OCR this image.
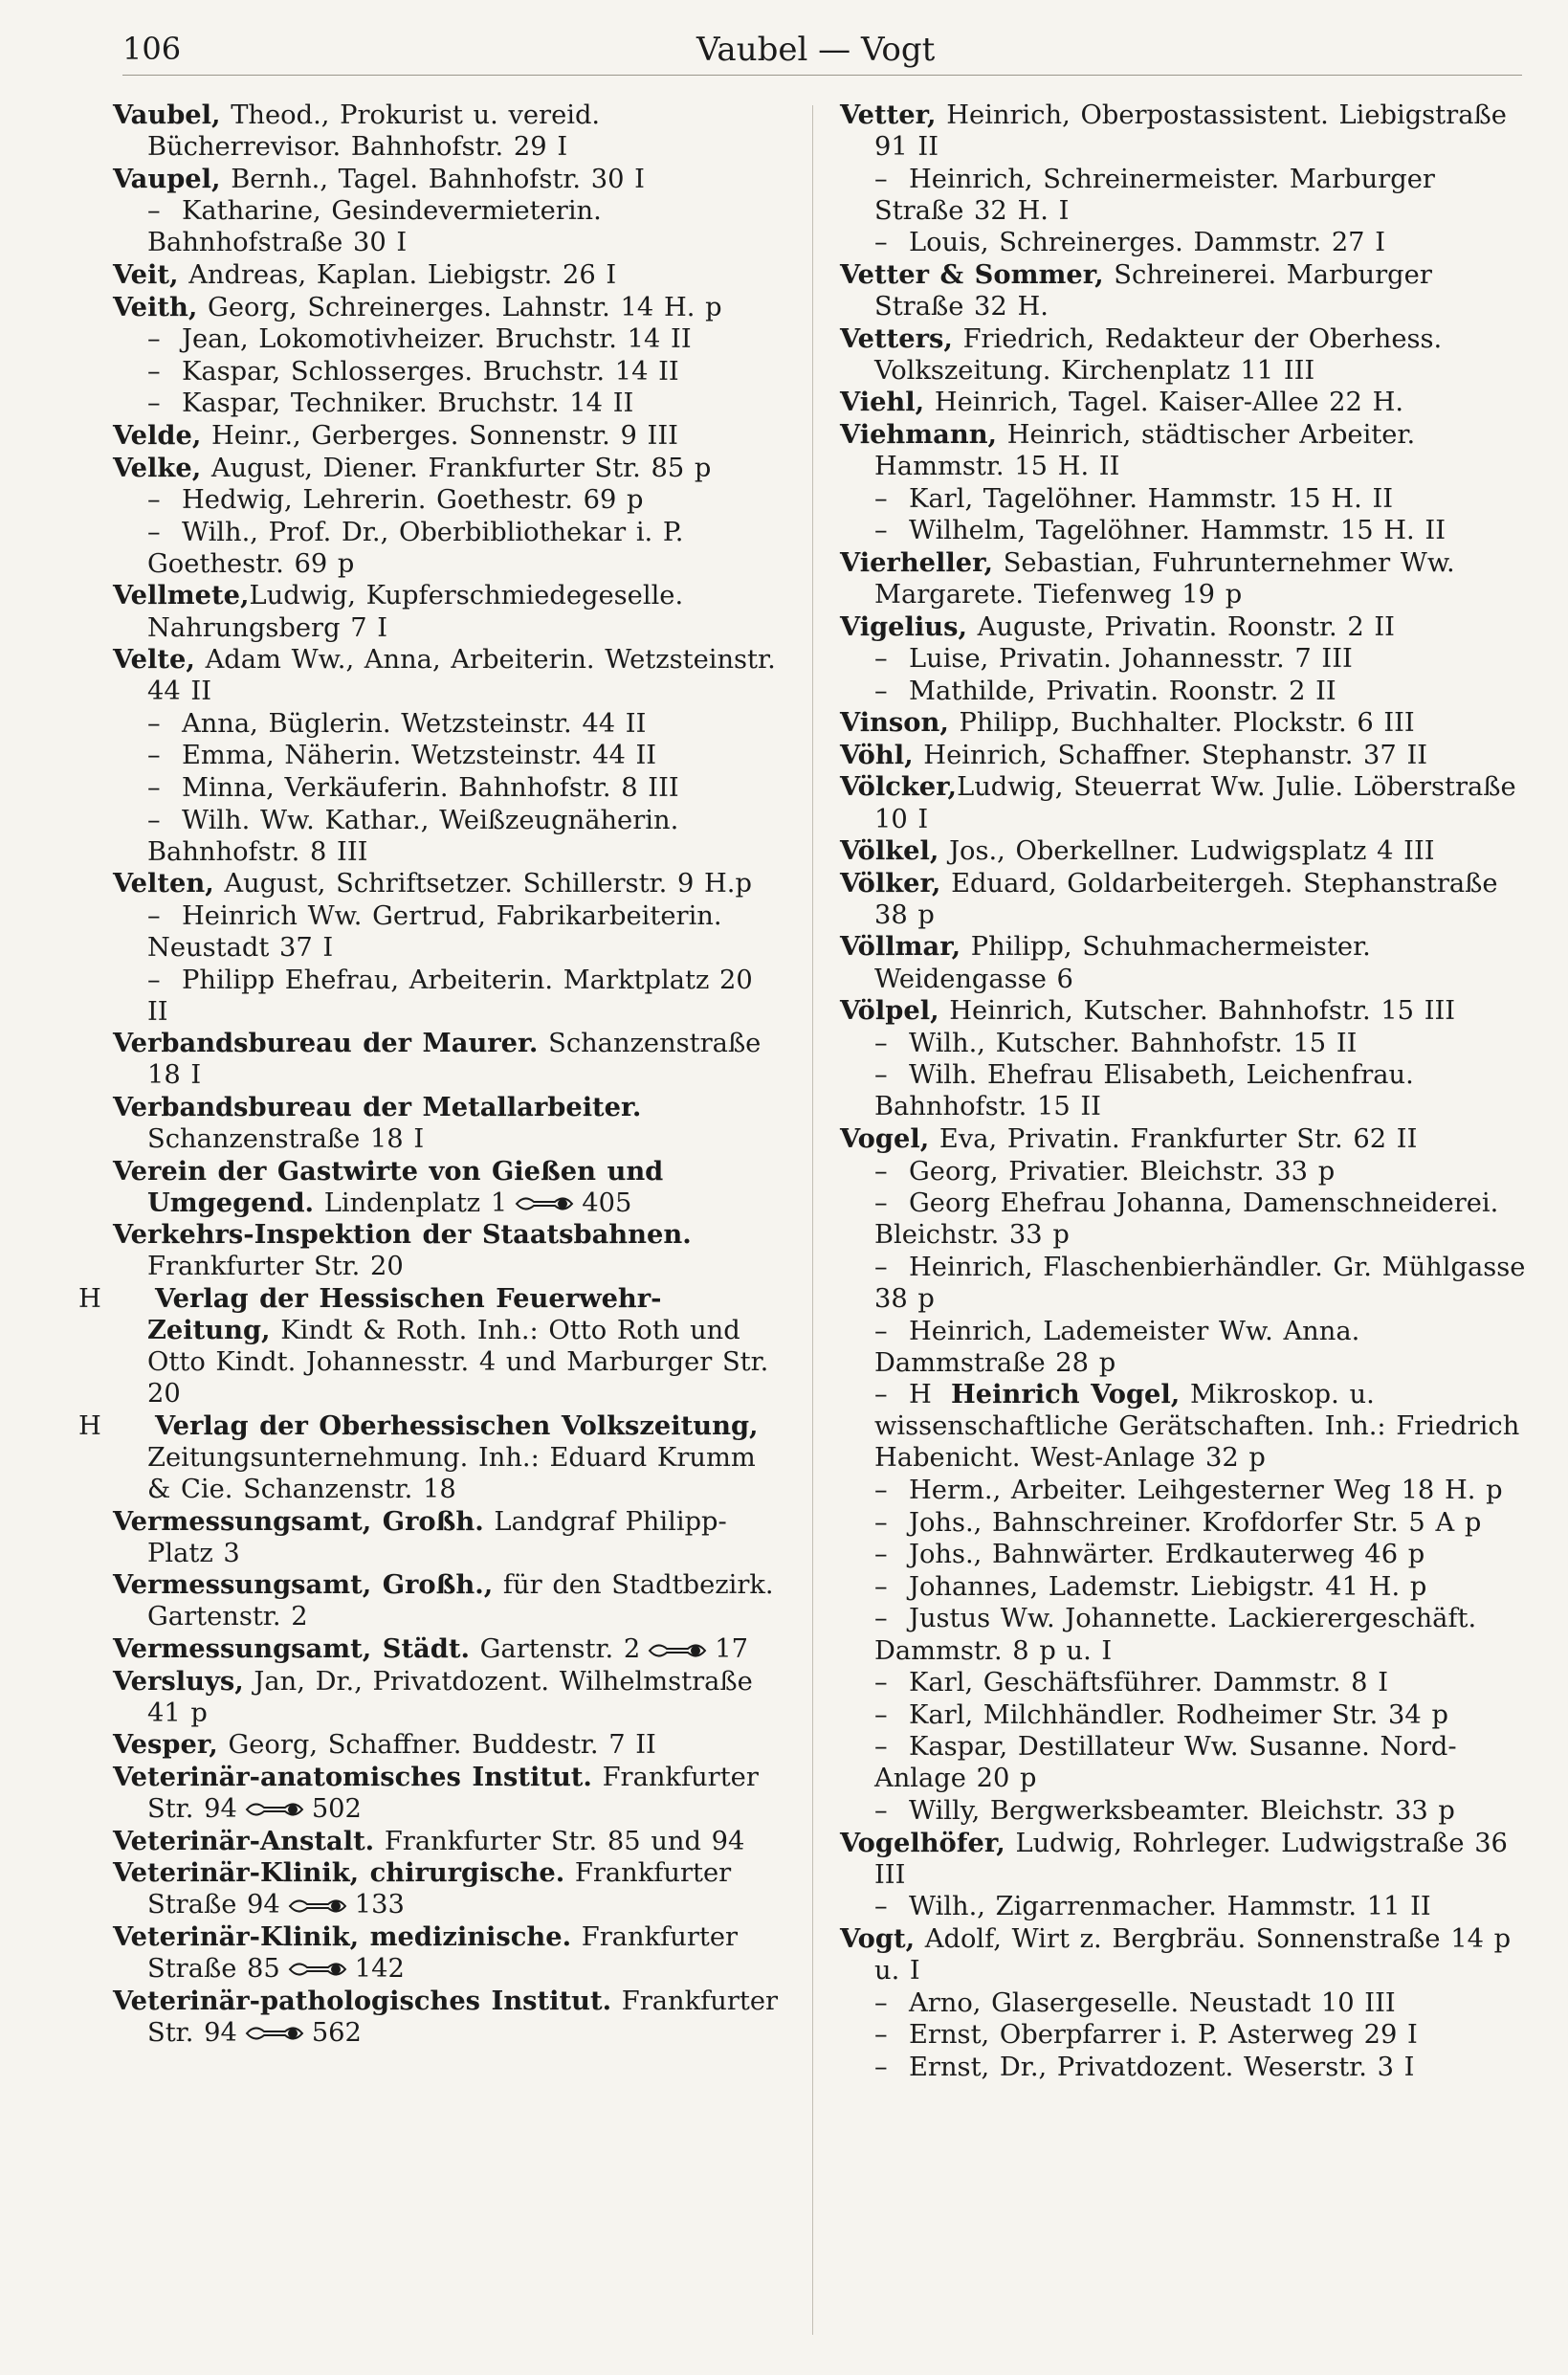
106	Vaubel — Vogt
Vaubel, Theod., Prokurist u. vereid. Bücherrevisor. Bahnhofstr. 29 I
Vaupel, Bernh., Tagel. Bahnhofstr. 30 I
– Katharine, Gesindevermieterin. Bahnhofstraße 30 I
Veit, Andreas, Kaplan. Liebigstr. 26 I
Veith, Georg, Schreinerges. Lahnstr. 14 H. p
– Jean, Lokomotivheizer. Bruchstr. 14 II
– Kaspar, Schlosserges. Bruchstr. 14 II
– Kaspar, Techniker. Bruchstr. 14 II
Velde, Heinr., Gerberges. Sonnenstr. 9 III
Velke, August, Diener. Frankfurter Str. 85 p
– Hedwig, Lehrerin. Goethestr. 69 p
– Wilh., Prof. Dr., Oberbibliothekar i. P. Goethestr. 69 p
Vellmete,Ludwig, Kupferschmiedegeselle. Nahrungsberg 7 I
Velte, Adam Ww., Anna, Arbeiterin. Wetzsteinstr. 44 II
– Anna, Büglerin. Wetzsteinstr. 44 II
– Emma, Näherin. Wetzsteinstr. 44 II
– Minna, Verkäuferin. Bahnhofstr. 8 III
– Wilh. Ww. Kathar., Weißzeugnäherin. Bahnhofstr. 8 III
Velten, August, Schriftsetzer. Schillerstr. 9 H.p
– Heinrich Ww. Gertrud, Fabrikarbeiterin. Neustadt 37 I
– Philipp Ehefrau, Arbeiterin. Marktplatz 20 II
Verbandsbureau der Maurer. Schanzenstraße 18 I
Verbandsbureau der Metallarbeiter. Schanzenstraße 18 I
Verein der Gastwirte von Gießen und Umgegend. Lindenplatz 1	405
Verkehrs-Inspektion der Staatsbahnen. Frankfurter Str. 20
H Verlag der Hessischen Feuerwehr-Zeitung, Kindt & Roth. Inh.: Otto Roth und Otto Kindt. Johannesstr. 4 und Marburger Str. 20
H Verlag der Oberhessischen Volkszeitung, Zeitungsunternehmung. Inh.: Eduard Krumm & Cie. Schanzenstr. 18
Vermessungsamt, Großh. Landgraf Philipp-Platz 3
Vermessungsamt, Großh., für den Stadtbezirk. Gartenstr. 2
Vermessungsamt, Städt. Gartenstr. 2	17
Versluys, Jan, Dr., Privatdozent. Wilhelmstraße 41 p
Vesper, Georg, Schaffner. Buddestr. 7 II
Veterinär-anatomisches Institut. Frankfurter Str. 94	502
Veterinär-Anstalt. Frankfurter Str. 85 und 94
Veterinär-Klinik, chirurgische. Frankfurter Straße 94	133
Veterinär-Klinik, medizinische. Frankfurter Straße 85	142
Veterinär-pathologisches Institut. Frankfurter Str. 94	562
Vetter, Heinrich, Oberpostassistent. Liebigstraße 91 II
– Heinrich, Schreinermeister. Marburger Straße 32 H. I
– Louis, Schreinerges. Dammstr. 27 I
Vetter & Sommer, Schreinerei. Marburger Straße 32 H.
Vetters, Friedrich, Redakteur der Oberhess. Volkszeitung. Kirchenplatz 11 III
Viehl, Heinrich, Tagel. Kaiser-Allee 22 H.
Viehmann, Heinrich, städtischer Arbeiter. Hammstr. 15 H. II
– Karl, Tagelöhner. Hammstr. 15 H. II
– Wilhelm, Tagelöhner. Hammstr. 15 H. II
Vierheller, Sebastian, Fuhrunternehmer Ww. Margarete. Tiefenweg 19 p
Vigelius, Auguste, Privatin. Roonstr. 2 II
– Luise, Privatin. Johannesstr. 7 III
– Mathilde, Privatin. Roonstr. 2 II
Vinson, Philipp, Buchhalter. Plockstr. 6 III
Vöhl, Heinrich, Schaffner. Stephanstr. 37 II
Völcker,Ludwig, Steuerrat Ww. Julie. Löberstraße 10 I
Völkel, Jos., Oberkellner. Ludwigsplatz 4 III
Völker, Eduard, Goldarbeitergeh. Stephanstraße 38 p
Völlmar, Philipp, Schuhmachermeister. Weidengasse 6
Völpel, Heinrich, Kutscher. Bahnhofstr. 15 III
– Wilh., Kutscher. Bahnhofstr. 15 II
– Wilh. Ehefrau Elisabeth, Leichenfrau. Bahnhofstr. 15 II
Vogel, Eva, Privatin. Frankfurter Str. 62 II
– Georg, Privatier. Bleichstr. 33 p
– Georg Ehefrau Johanna, Damenschneiderei. Bleichstr. 33 p
– Heinrich, Flaschenbierhändler. Gr. Mühlgasse 38 p
– Heinrich, Lademeister Ww. Anna. Dammstraße 28 p
– H Heinrich Vogel, Mikroskop. u. wissenschaftliche Gerätschaften. Inh.: Friedrich Habenicht. West-Anlage 32 p
– Herm., Arbeiter. Leihgesterner Weg 18 H. p
– Johs., Bahnschreiner. Krofdorfer Str. 5 A p
– Johs., Bahnwärter. Erdkauterweg 46 p
– Johannes, Lademstr. Liebigstr. 41 H. p
– Justus Ww. Johannette. Lackierergeschäft. Dammstr. 8 p u. I
– Karl, Geschäftsführer. Dammstr. 8 I
– Karl, Milchhändler. Rodheimer Str. 34 p
– Kaspar, Destillateur Ww. Susanne. Nord-Anlage 20 p
– Willy, Bergwerksbeamter. Bleichstr. 33 p
Vogelhöfer, Ludwig, Rohrleger. Ludwigstraße 36 III
– Wilh., Zigarrenmacher. Hammstr. 11 II
Vogt, Adolf, Wirt z. Bergbräu. Sonnenstraße 14 p u. I
– Arno, Glasergeselle. Neustadt 10 III
– Ernst, Oberpfarrer i. P. Asterweg 29 I
– Ernst, Dr., Privatdozent. Weserstr. 3 I
